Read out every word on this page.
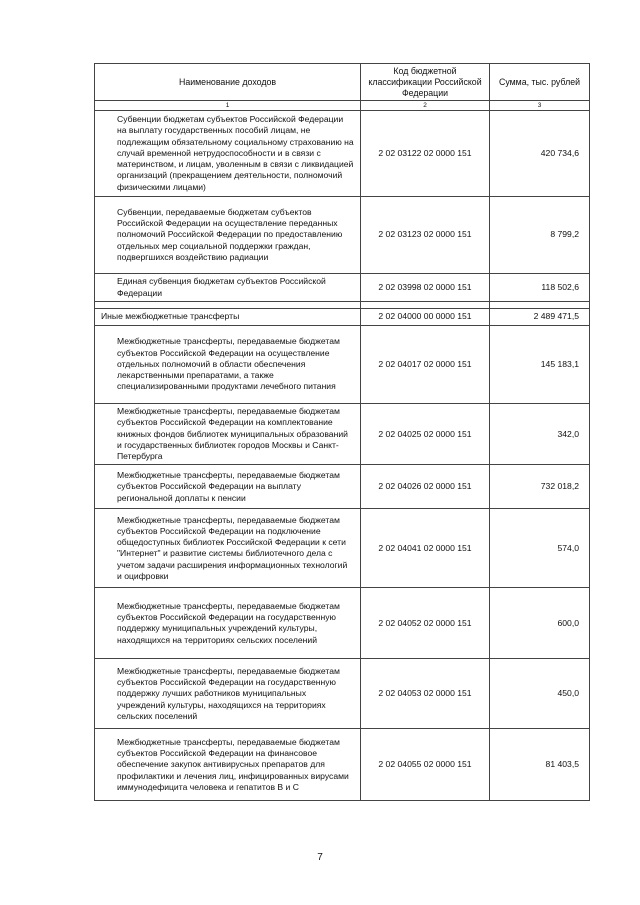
Наименование доходов	Код бюджетной классификации Российской Федерации	Сумма, тыс. рублей
1	2	3
Субвенции бюджетам субъектов Российской Федерации на выплату государственных пособий лицам, не подлежащим обязательному социальному страхованию на случай временной нетрудоспособности и в связи с материнством, и лицам, уволенным в связи с ликвидацией организаций (прекращением деятельности, полномочий физическими лицами)	2 02 03122 02 0000 151	420 734,6
Субвенции, передаваемые бюджетам субъектов Российской Федерации на осуществление переданных полномочий Российской Федерации по предоставлению отдельных мер социальной поддержки граждан, подвергшихся воздействию радиации	2 02 03123 02 0000 151	8 799,2
Единая субвенция бюджетам субъектов Российской Федерации	2 02 03998 02 0000 151	118 502,6

Иные межбюджетные трансферты	2 02 04000 00 0000 151	2 489 471,5
Межбюджетные трансферты, передаваемые бюджетам субъектов Российской Федерации на осуществление отдельных полномочий в области обеспечения лекарственными препаратами, а также специализированными продуктами лечебного питания	2 02 04017 02 0000 151	145 183,1
Межбюджетные трансферты, передаваемые бюджетам субъектов Российской Федерации на комплектование книжных фондов библиотек муниципальных образований и государственных библиотек городов Москвы и Санкт-Петербурга	2 02 04025 02 0000 151	342,0
Межбюджетные трансферты, передаваемые бюджетам субъектов Российской Федерации на выплату региональной доплаты к пенсии	2 02 04026 02 0000 151	732 018,2
Межбюджетные трансферты, передаваемые бюджетам субъектов Российской Федерации на подключение общедоступных библиотек Российской Федерации к сети "Интернет" и развитие системы библиотечного дела с учетом задачи расширения информационных технологий и оцифровки	2 02 04041 02 0000 151	574,0
Межбюджетные трансферты, передаваемые бюджетам субъектов Российской Федерации на государственную поддержку муниципальных учреждений культуры, находящихся на территориях сельских поселений	2 02 04052 02 0000 151	600,0
Межбюджетные трансферты, передаваемые бюджетам субъектов Российской Федерации на государственную поддержку лучших работников муниципальных учреждений культуры, находящихся на территориях сельских поселений	2 02 04053 02 0000 151	450,0
Межбюджетные трансферты, передаваемые бюджетам субъектов Российской Федерации на финансовое обеспечение закупок антивирусных препаратов для профилактики и лечения лиц, инфицированных вирусами иммунодефицита человека и гепатитов В и С	2 02 04055 02 0000 151	81 403,5
7
